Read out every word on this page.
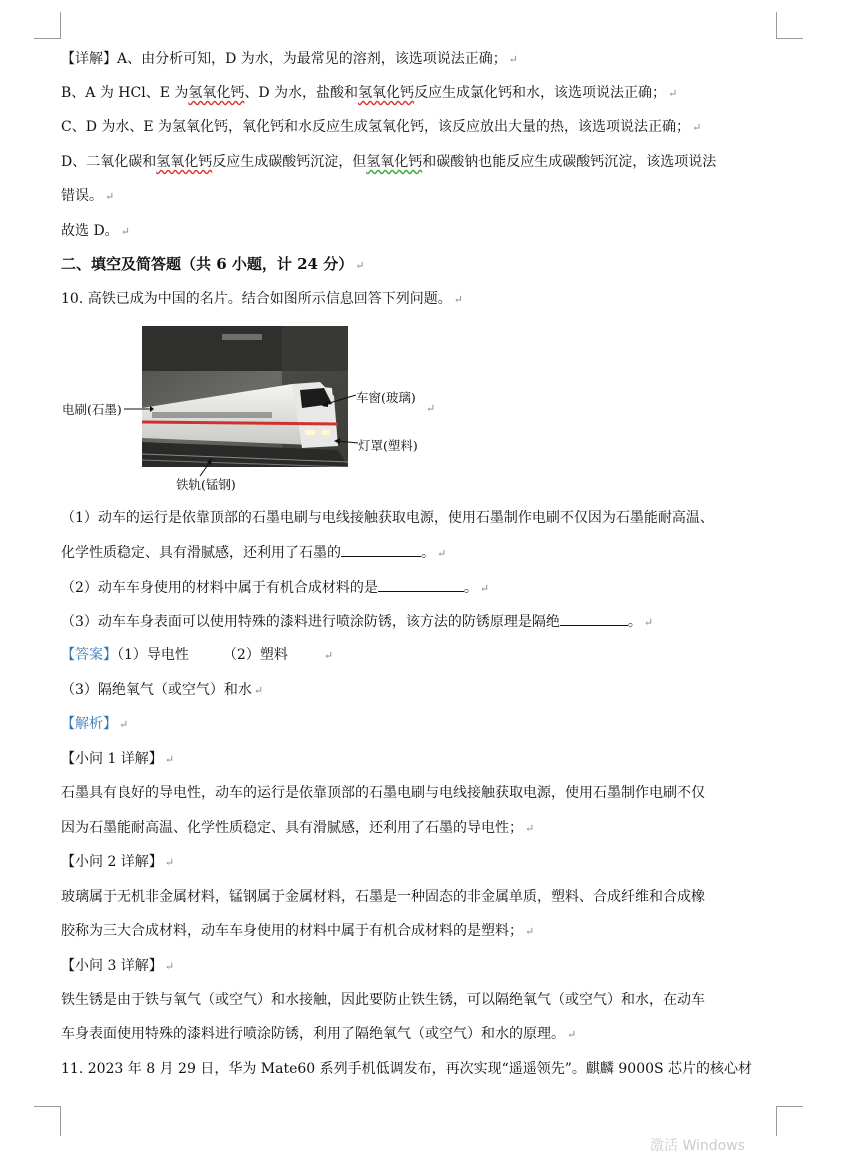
【详解】A、由分析可知，D 为水，为最常见的溶剂，该选项说法正确； ↵
B、A 为 HCl、E 为氢氧化钙、D 为水，盐酸和氢氧化钙反应生成氯化钙和水，该选项说法正确； ↵
C、D 为水、E 为氢氧化钙，氧化钙和水反应生成氢氧化钙，该反应放出大量的热，该选项说法正确； ↵
D、二氧化碳和氢氧化钙反应生成碳酸钙沉淀，但氢氧化钙和碳酸钠也能反应生成碳酸钙沉淀，该选项说法
错误。 ↵
故选 D。 ↵
二、填空及简答题（共 6 小题，计 24 分） ↵
10. 高铁已成为中国的名片。结合如图所示信息回答下列问题。 ↵
电刷(石墨)
车窗(玻璃)
↵
灯罩(塑料)
铁轨(锰钢)
（1）动车的运行是依靠顶部的石墨电刷与电线接触获取电源，使用石墨制作电刷不仅因为石墨能耐高温、
化学性质稳定、具有滑腻感，还利用了石墨的	。 ↵
（2）动车车身使用的材料中属于有机合成材料的是	。 ↵
（3）动车车身表面可以使用特殊的漆料进行喷涂防锈，该方法的防锈原理是隔绝	。 ↵
【答案】（1）导电性 （2）塑料	↵
（3）隔绝氧气（或空气）和水 ↵
【解析】 ↵
【小问 1 详解】 ↵
石墨具有良好的导电性，动车的运行是依靠顶部的石墨电刷与电线接触获取电源，使用石墨制作电刷不仅
因为石墨能耐高温、化学性质稳定、具有滑腻感，还利用了石墨的导电性； ↵
【小问 2 详解】 ↵
玻璃属于无机非金属材料，锰钢属于金属材料，石墨是一种固态的非金属单质，塑料、合成纤维和合成橡
胶称为三大合成材料，动车车身使用的材料中属于有机合成材料的是塑料； ↵
【小问 3 详解】 ↵
铁生锈是由于铁与氧气（或空气）和水接触，因此要防止铁生锈，可以隔绝氧气（或空气）和水，在动车
车身表面使用特殊的漆料进行喷涂防锈，利用了隔绝氧气（或空气）和水的原理。 ↵
11. 2023 年 8 月 29 日，华为 Mate60 系列手机低调发布，再次实现“遥遥领先”。麒麟 9000S 芯片的核心材
激活 Windows
